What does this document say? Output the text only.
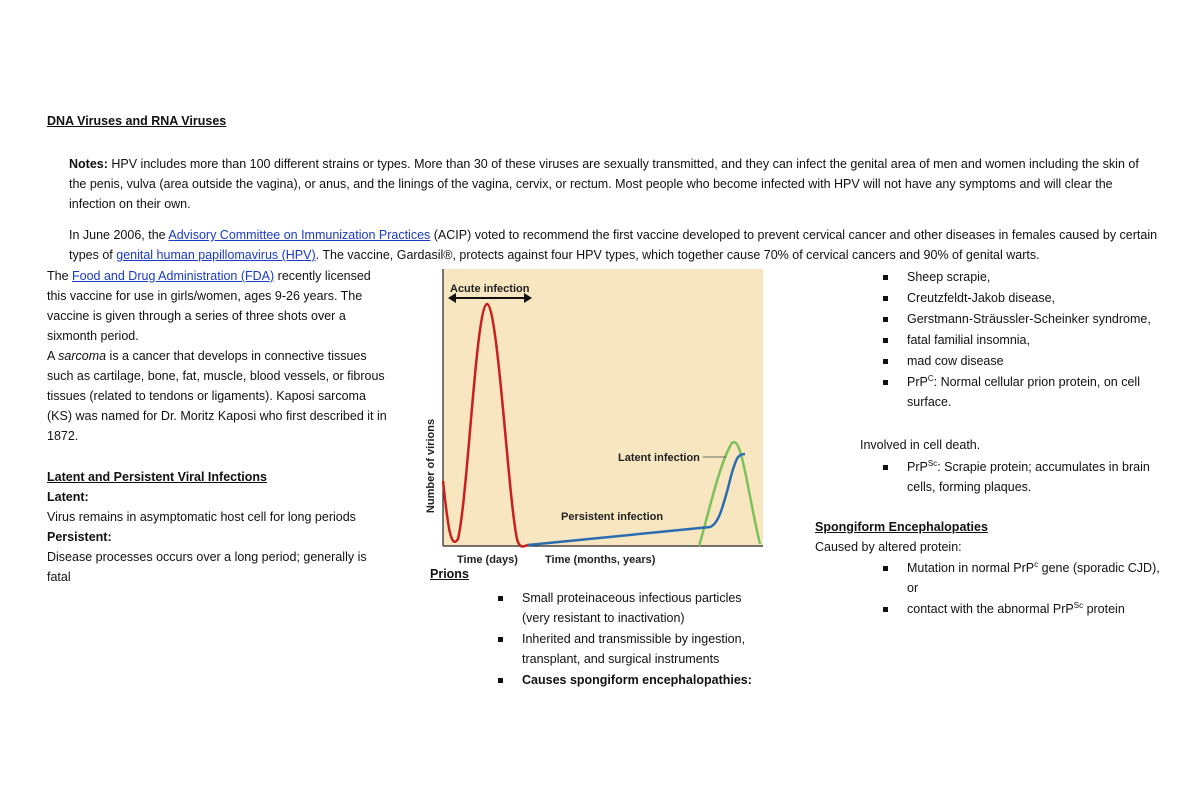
DNA Viruses and RNA Viruses

Notes: HPV includes more than 100 different strains or types. More than 30 of these viruses are sexually transmitted, and they can infect the genital area of men and women including the skin of the penis, vulva (area outside the vagina), or anus, and the linings of the vagina, cervix, or rectum. Most people who become infected with HPV will not have any symptoms and will clear the infection on their own.

In June 2006, the Advisory Committee on Immunization Practices (ACIP) voted to recommend the first vaccine developed to prevent cervical cancer and other diseases in females caused by certain types of genital human papillomavirus (HPV). The vaccine, Gardasil®, protects against four HPV types, which together cause 70% of cervical cancers and 90% of genital warts.

The Food and Drug Administration (FDA) recently licensed this vaccine for use in girls/women, ages 9-26 years. The vaccine is given through a series of three shots over a sixmonth period.

A sarcoma is a cancer that develops in connective tissues such as cartilage, bone, fat, muscle, blood vessels, or fibrous tissues (related to tendons or ligaments). Kaposi sarcoma (KS) was named for Dr. Moritz Kaposi who first described it in 1872.

Latent and Persistent Viral Infections
Latent:
Virus remains in asymptomatic host cell for long periods
Persistent:
Disease processes occurs over a long period; generally is fatal
Acute infection
Latent infection
Persistent infection
Number of virions
Time (days) Time (months, years)
Prions
Small proteinaceous infectious particles (very resistant to inactivation)
Inherited and transmissible by ingestion, transplant, and surgical instruments
Causes spongiform encephalopathies:
Sheep scrapie,
Creutzfeldt-Jakob disease,
Gerstmann-Sträussler-Scheinker syndrome,
fatal familial insomnia,
mad cow disease
PrP$^C$: Normal cellular prion protein, on cell surface.
Involved in cell death.
PrP$^{Sc}$: Scrapie protein; accumulates in brain cells, forming plaques.
Spongiform Encephalopaties
Caused by altered protein:
Mutation in normal PrP$^c$ gene (sporadic CJD), or
contact with the abnormal PrP$^{Sc}$ protein
